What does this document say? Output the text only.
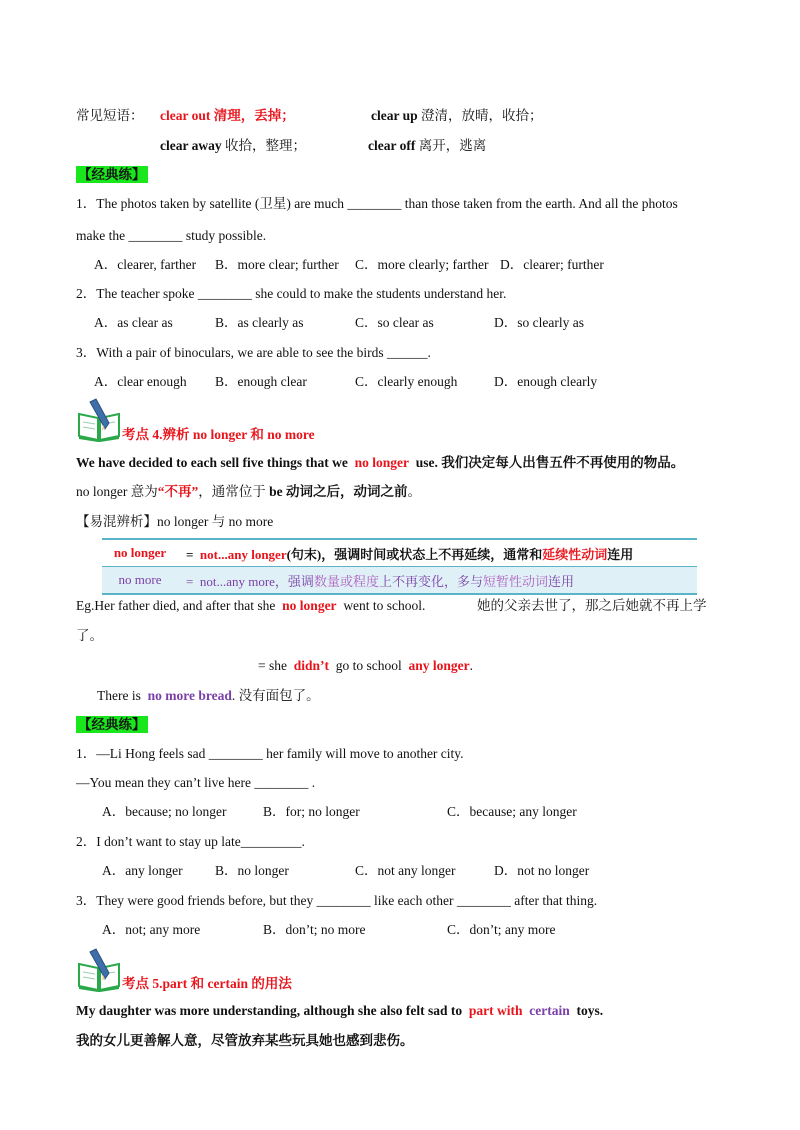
常见短语： clear out 清理，丢掉；	clear up 澄清，放晴，收拾；
clear away 收拾，整理；	clear off 离开，逃离
【经典练】
1．The photos taken by satellite (卫星) are much ________ than those taken from the earth. And all the photos
make the ________ study possible.
A．clearer, farther B．more clear; further C．more clearly; farther D．clearer; further
2．The teacher spoke ________ she could to make the students understand her.
A．as clear as	B．as clearly as	C．so clear as	D．so clearly as
3．With a pair of binoculars, we are able to see the birds ______.
A．clear enough B．enough clear	C．clearly enough	D．enough clearly
考点 4.辨析 no longer 和 no more
We have decided to each sell five things that we no longer use. 我们决定每人出售五件不再使用的物品。
no longer 意为“不再”，通常位于 be 动词之后，动词之前。
【易混辨析】no longer 与 no more
no longer	= not...any longer(句末)，强调时间或状态上不再延续，通常和延续性动词连用
no more	= not...any more，强调数量或程度上不再变化，多与短暂性动词连用
Eg.Her father died, and after that she no longer went to school.	她的父亲去世了，那之后她就不再上学
了。
= she didn’t go to school any longer.
There is no more bread. 没有面包了。
【经典练】
1．—Li Hong feels sad ________ her family will move to another city.
—You mean they can’t live here ________ .
A．because; no longer	B．for; no longer	C．because; any longer
2．I don’t want to stay up late_________.
A．any longer B．no longer	C．not any longer	D．not no longer
3．They were good friends before, but they ________ like each other ________ after that thing.
A．not; any more	B．don’t; no more	C．don’t; any more
考点 5.part 和 certain 的用法
My daughter was more understanding, although she also felt sad to part with certain toys.
我的女儿更善解人意，尽管放弃某些玩具她也感到悲伤。
